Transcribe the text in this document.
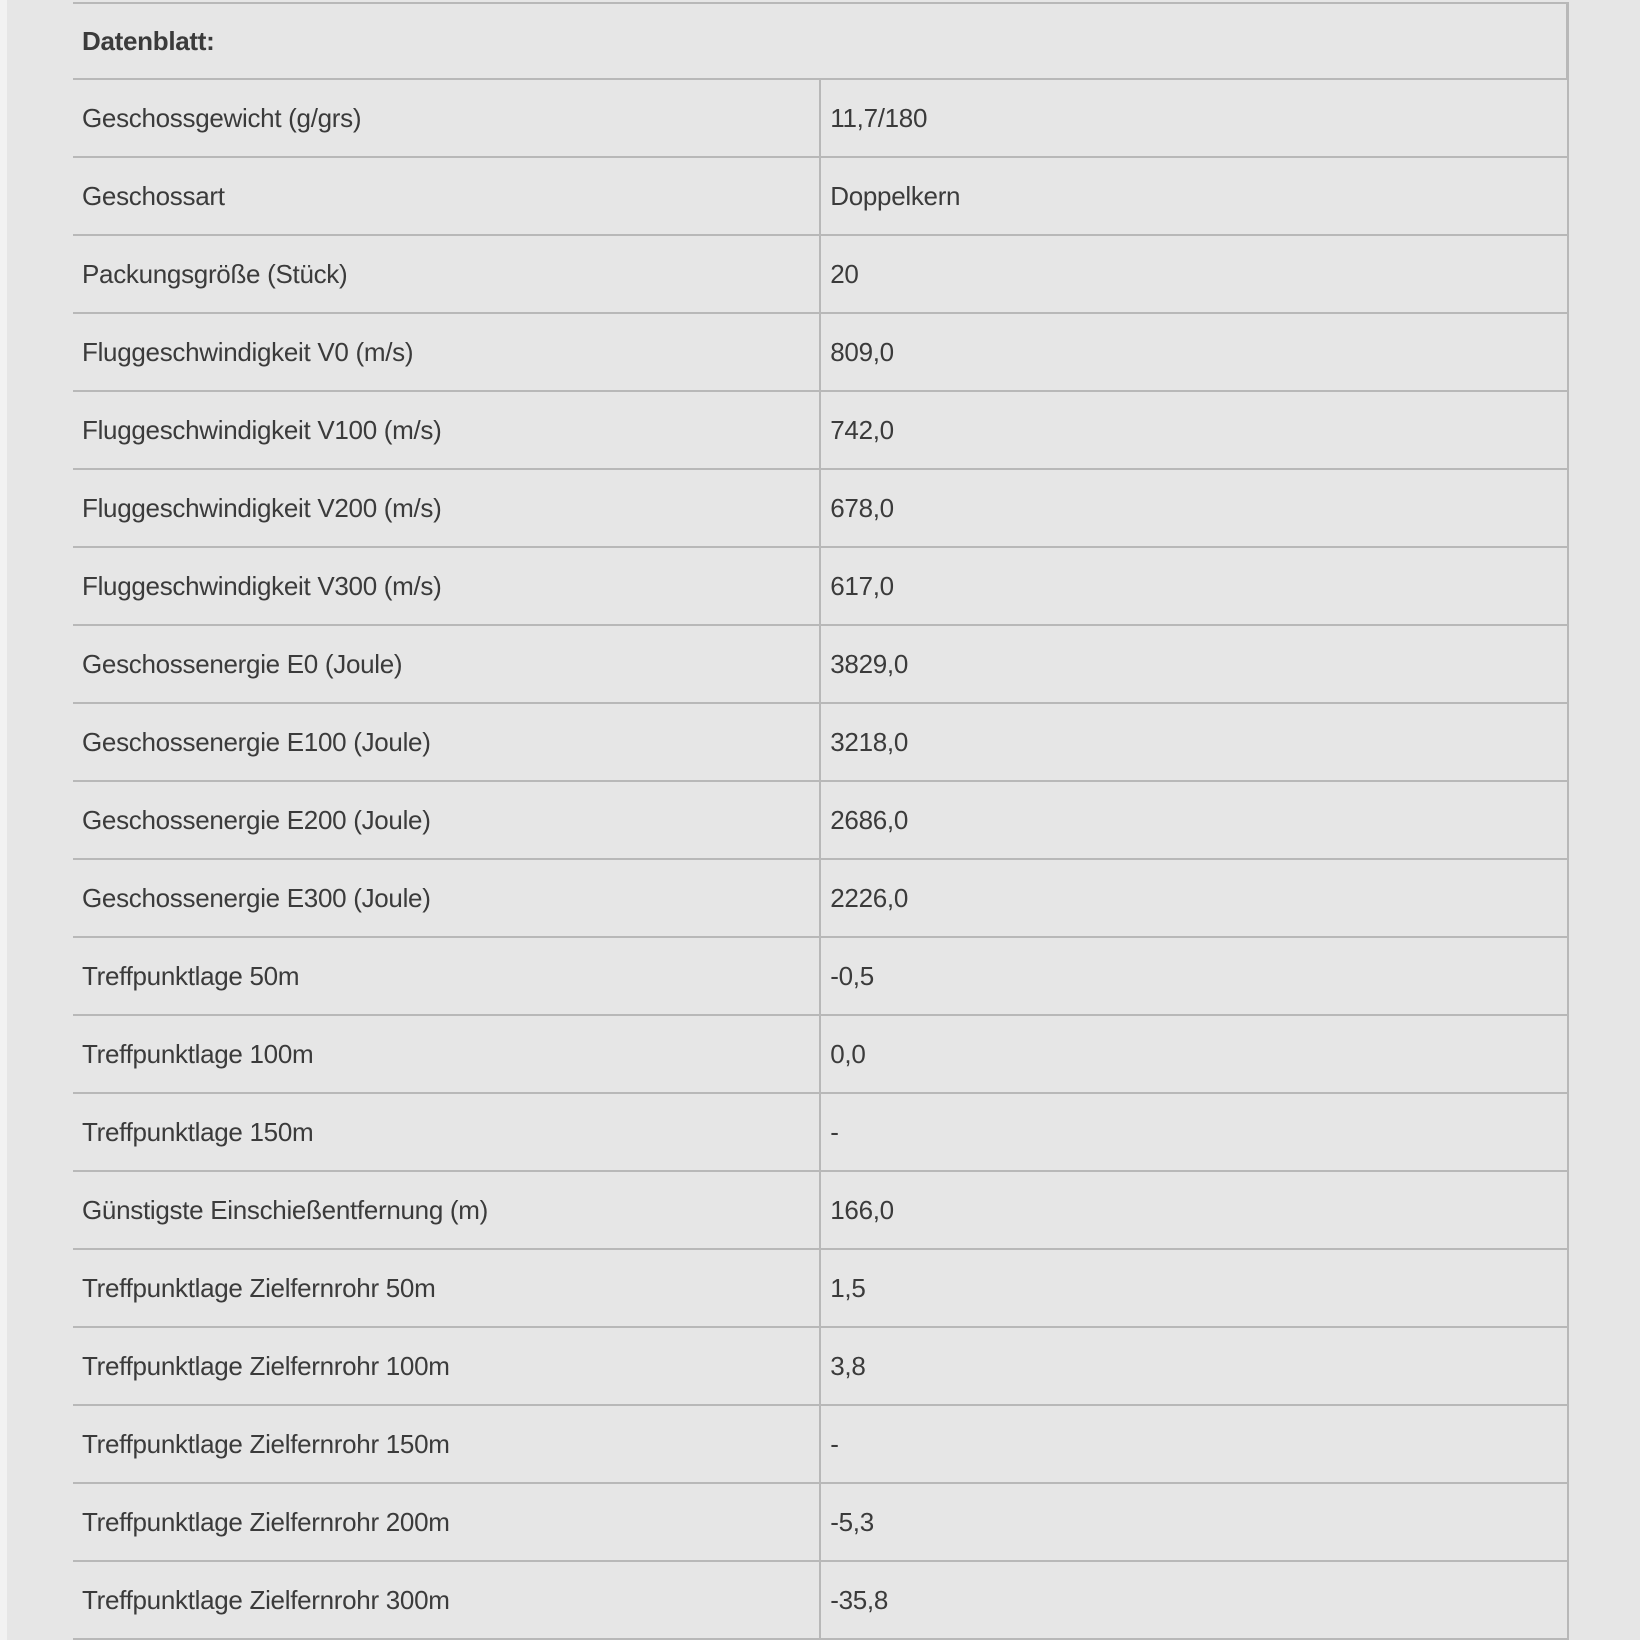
Datenblatt:	
Geschossgewicht (g/grs)	11,7/180
Geschossart	Doppelkern
Packungsgröße (Stück)	20
Fluggeschwindigkeit V0 (m/s)	809,0
Fluggeschwindigkeit V100 (m/s)	742,0
Fluggeschwindigkeit V200 (m/s)	678,0
Fluggeschwindigkeit V300 (m/s)	617,0
Geschossenergie E0 (Joule)	3829,0
Geschossenergie E100 (Joule)	3218,0
Geschossenergie E200 (Joule)	2686,0
Geschossenergie E300 (Joule)	2226,0
Treffpunktlage 50m	-0,5
Treffpunktlage 100m	0,0
Treffpunktlage 150m	-
Günstigste Einschießentfernung (m)	166,0
Treffpunktlage Zielfernrohr 50m	1,5
Treffpunktlage Zielfernrohr 100m	3,8
Treffpunktlage Zielfernrohr 150m	-
Treffpunktlage Zielfernrohr 200m	-5,3
Treffpunktlage Zielfernrohr 300m	-35,8
